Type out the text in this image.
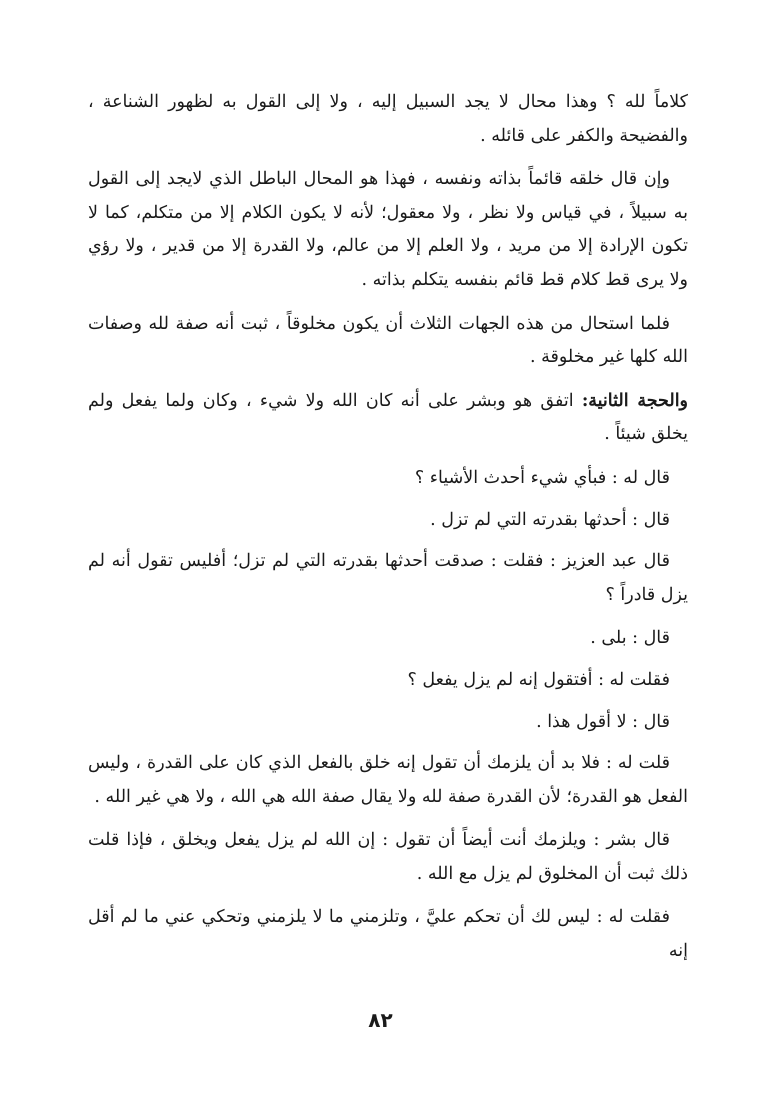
كلاماً لله ؟ وهذا محال لا يجد السبيل إليه ، ولا إلى القول به لظهور الشناعة ، والفضيحة والكفر على قائله .

وإن قال خلقه قائماً بذاته ونفسه ، فهذا هو المحال الباطل الذي لايجد إلى القول به سبيلاً ، في قياس ولا نظر ، ولا معقول؛ لأنه لا يكون الكلام إلا من متكلم، كما لا تكون الإرادة إلا من مريد ، ولا العلم إلا من عالم، ولا القدرة إلا من قدير ، ولا رؤي ولا يرى قط كلام قط قائم بنفسه يتكلم بذاته .

فلما استحال من هذه الجهات الثلاث أن يكون مخلوقاً ، ثبت أنه صفة لله وصفات الله كلها غير مخلوقة .

والحجة الثانية: اتفق هو وبشر على أنه كان الله ولا شيء ، وكان ولما يفعل ولم يخلق شيئاً .

قال له : فبأي شيء أحدث الأشياء ؟

قال : أحدثها بقدرته التي لم تزل .

قال عبد العزيز : فقلت : صدقت أحدثها بقدرته التي لم تزل؛ أفليس تقول أنه لم يزل قادراً ؟

قال : بلى .

فقلت له : أفتقول إنه لم يزل يفعل ؟

قال : لا أقول هذا .

قلت له : فلا بد أن يلزمك أن تقول إنه خلق بالفعل الذي كان على القدرة ، وليس الفعل هو القدرة؛ لأن القدرة صفة لله ولا يقال صفة الله هي الله ، ولا هي غير الله .

قال بشر : ويلزمك أنت أيضاً أن تقول : إن الله لم يزل يفعل ويخلق ، فإذا قلت ذلك ثبت أن المخلوق لم يزل مع الله .

فقلت له : ليس لك أن تحكم عليَّ ، وتلزمني ما لا يلزمني وتحكي عني ما لم أقل إنه

٨٢
